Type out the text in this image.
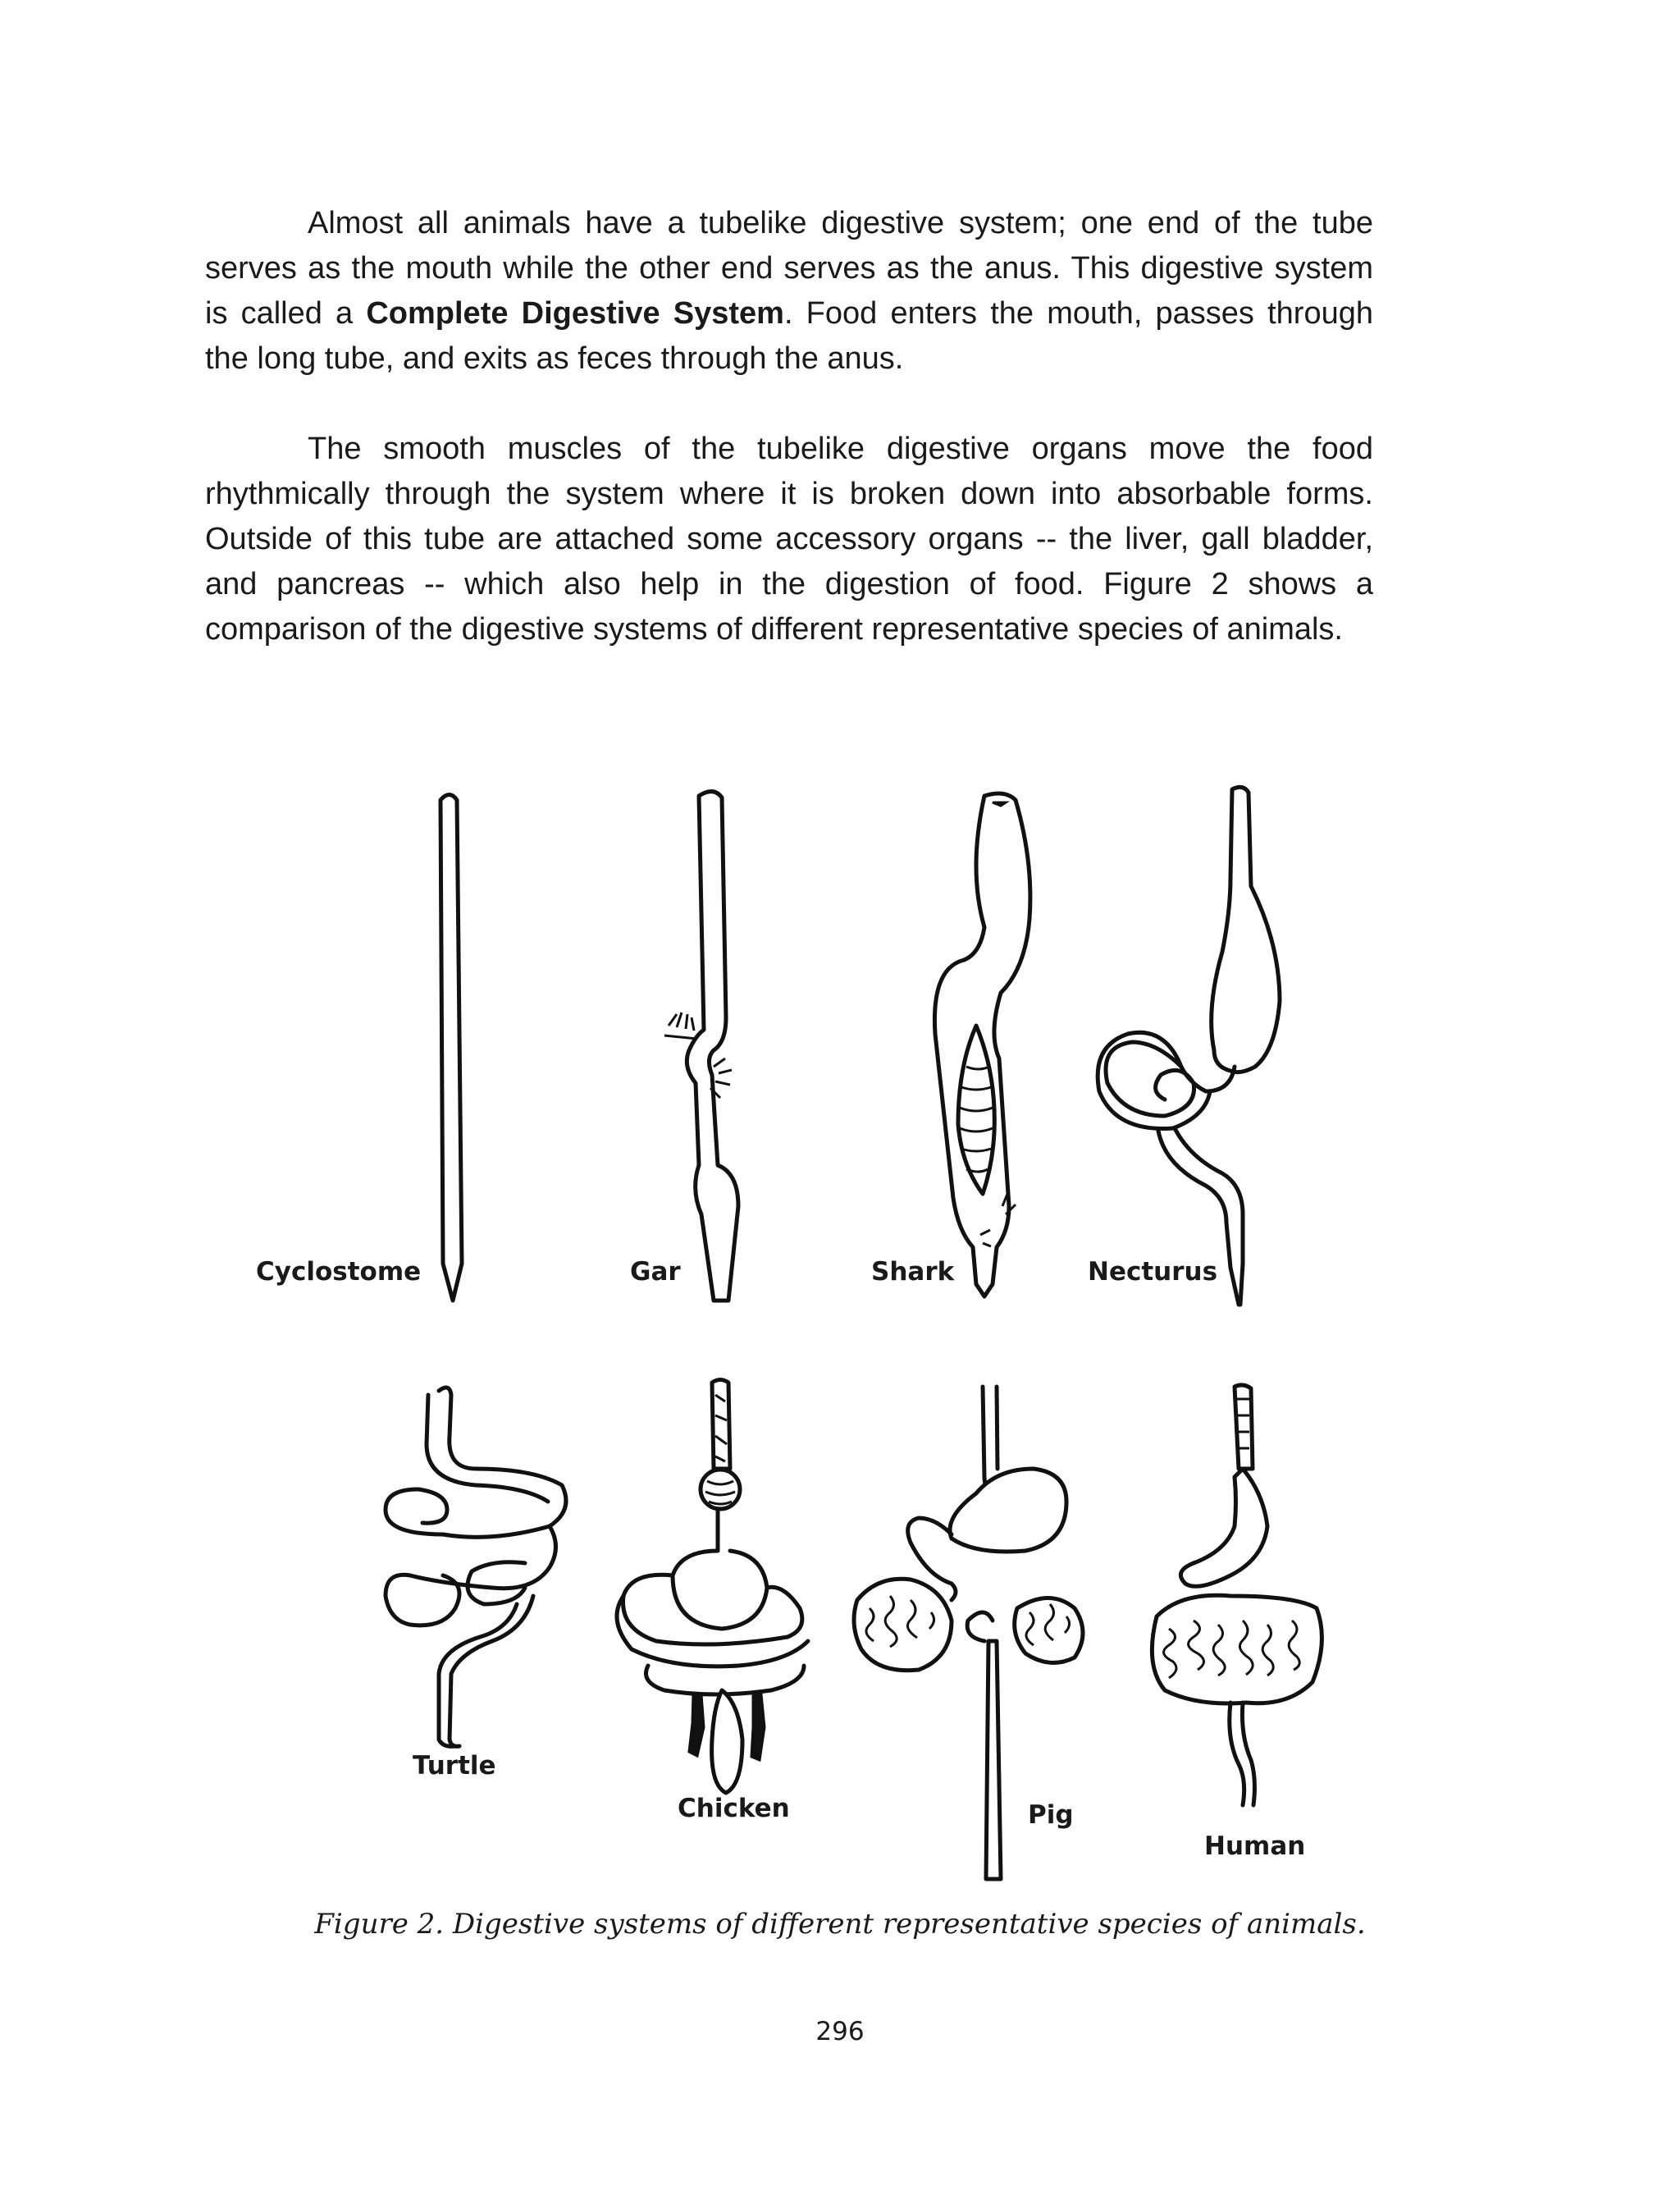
Almost all animals have a tubelike digestive system; one end of the tube serves as the mouth while the other end serves as the anus. This digestive system is called a Complete Digestive System. Food enters the mouth, passes through the long tube, and exits as feces through the anus.

The smooth muscles of the tubelike digestive organs move the food rhythmically through the system where it is broken down into absorbable forms. Outside of this tube are attached some accessory organs -- the liver, gall bladder, and pancreas -- which also help in the digestion of food. Figure 2 shows a comparison of the digestive systems of different representative species of animals.

Cyclostome	Gar	Shark	Necturus
Turtle
Chicken	Pig
Human
Figure 2. Digestive systems of different representative species of animals.
296
